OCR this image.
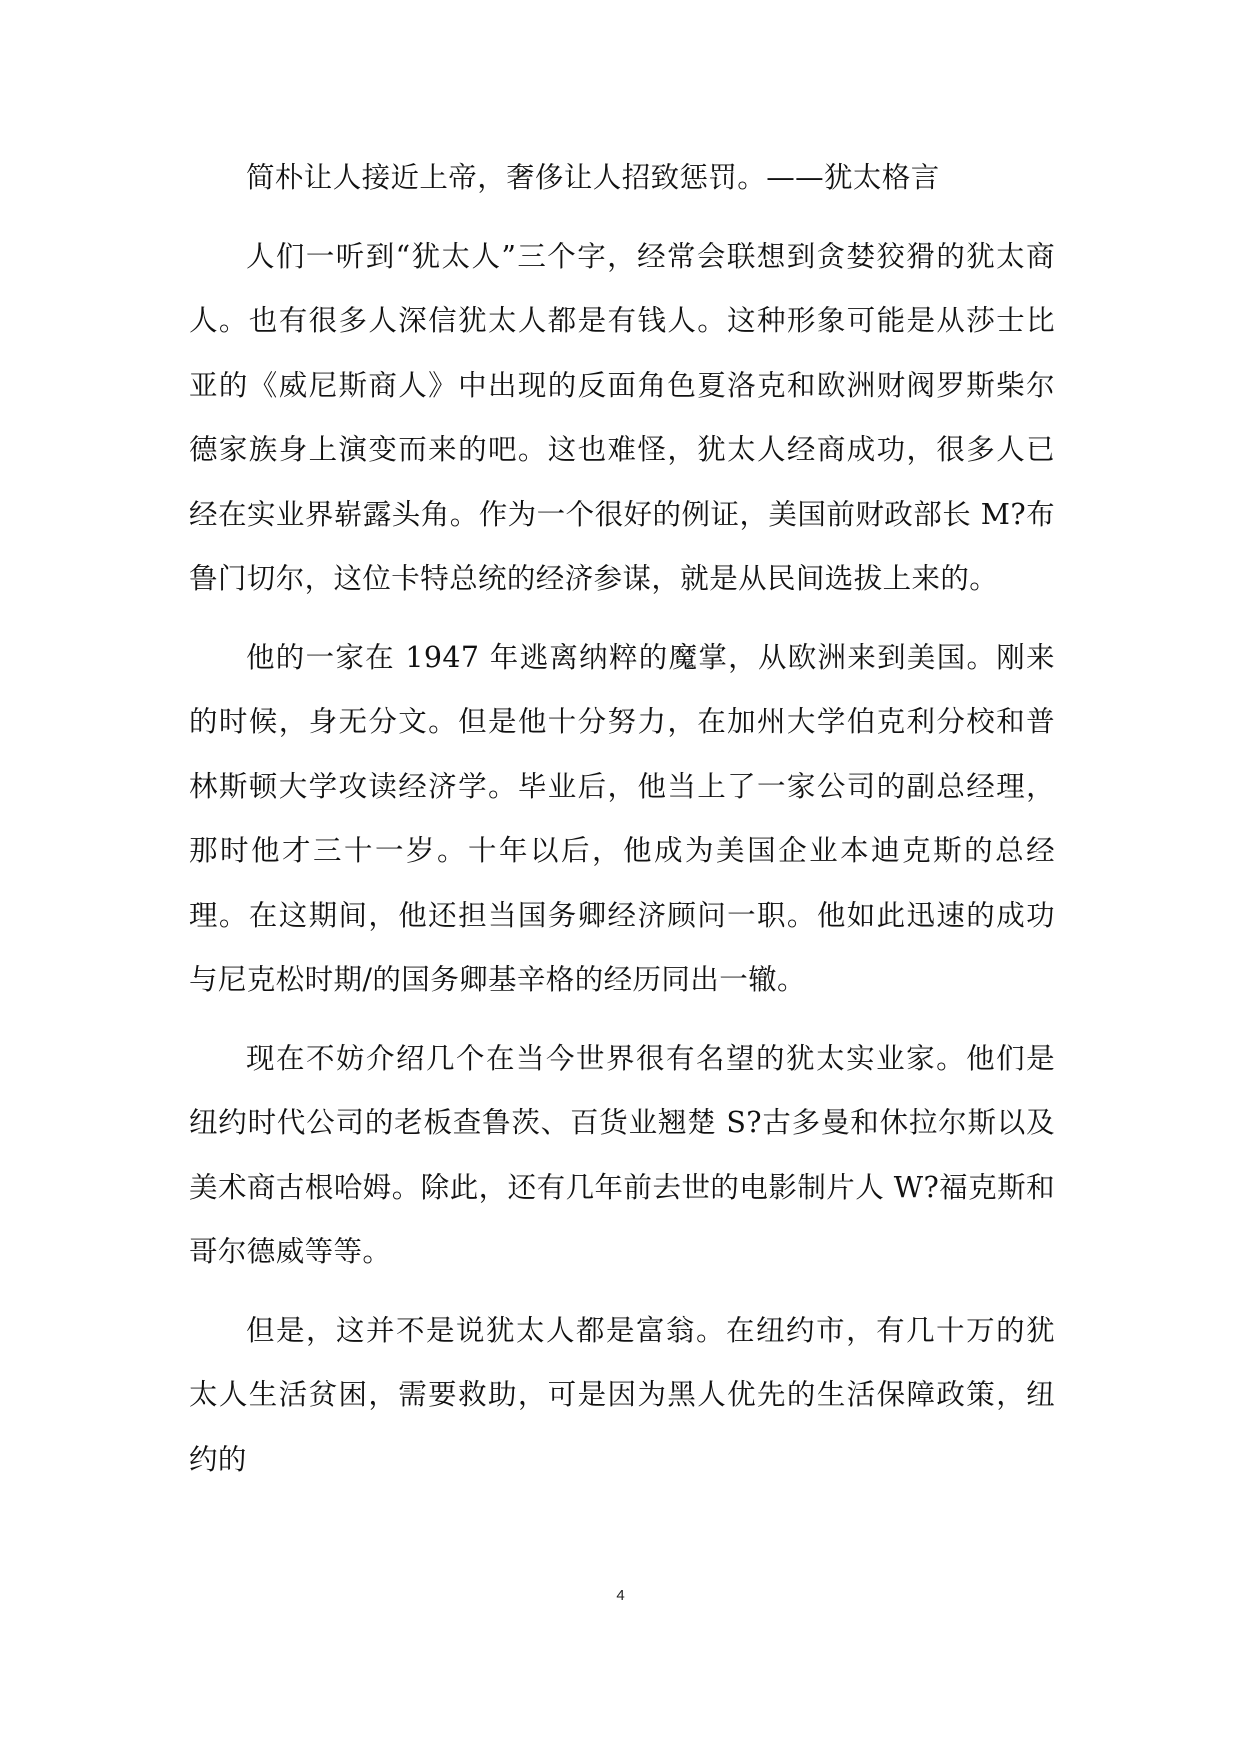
简朴让人接近上帝，奢侈让人招致惩罚。——犹太格言

人们一听到“犹太人”三个字，经常会联想到贪婪狡猾的犹太商人。也有很多人深信犹太人都是有钱人。这种形象可能是从莎士比亚的《威尼斯商人》中出现的反面角色夏洛克和欧洲财阀罗斯柴尔德家族身上演变而来的吧。这也难怪，犹太人经商成功，很多人已经在实业界崭露头角。作为一个很好的例证，美国前财政部长 M?布鲁门切尔，这位卡特总统的经济参谋，就是从民间选拔上来的。

他的一家在 1947 年逃离纳粹的魔掌，从欧洲来到美国。刚来的时候，身无分文。但是他十分努力，在加州大学伯克利分校和普林斯顿大学攻读经济学。毕业后，他当上了一家公司的副总经理，那时他才三十一岁。十年以后，他成为美国企业本迪克斯的总经理。在这期间，他还担当国务卿经济顾问一职。他如此迅速的成功与尼克松时期/的国务卿基辛格的经历同出一辙。

现在不妨介绍几个在当今世界很有名望的犹太实业家。他们是纽约时代公司的老板查鲁茨、百货业翘楚 S?古多曼和休拉尔斯以及美术商古根哈姆。除此，还有几年前去世的电影制片人 W?福克斯和哥尔德威等等。

但是，这并不是说犹太人都是富翁。在纽约市，有几十万的犹太人生活贫困，需要救助，可是因为黑人优先的生活保障政策，纽约的

4
